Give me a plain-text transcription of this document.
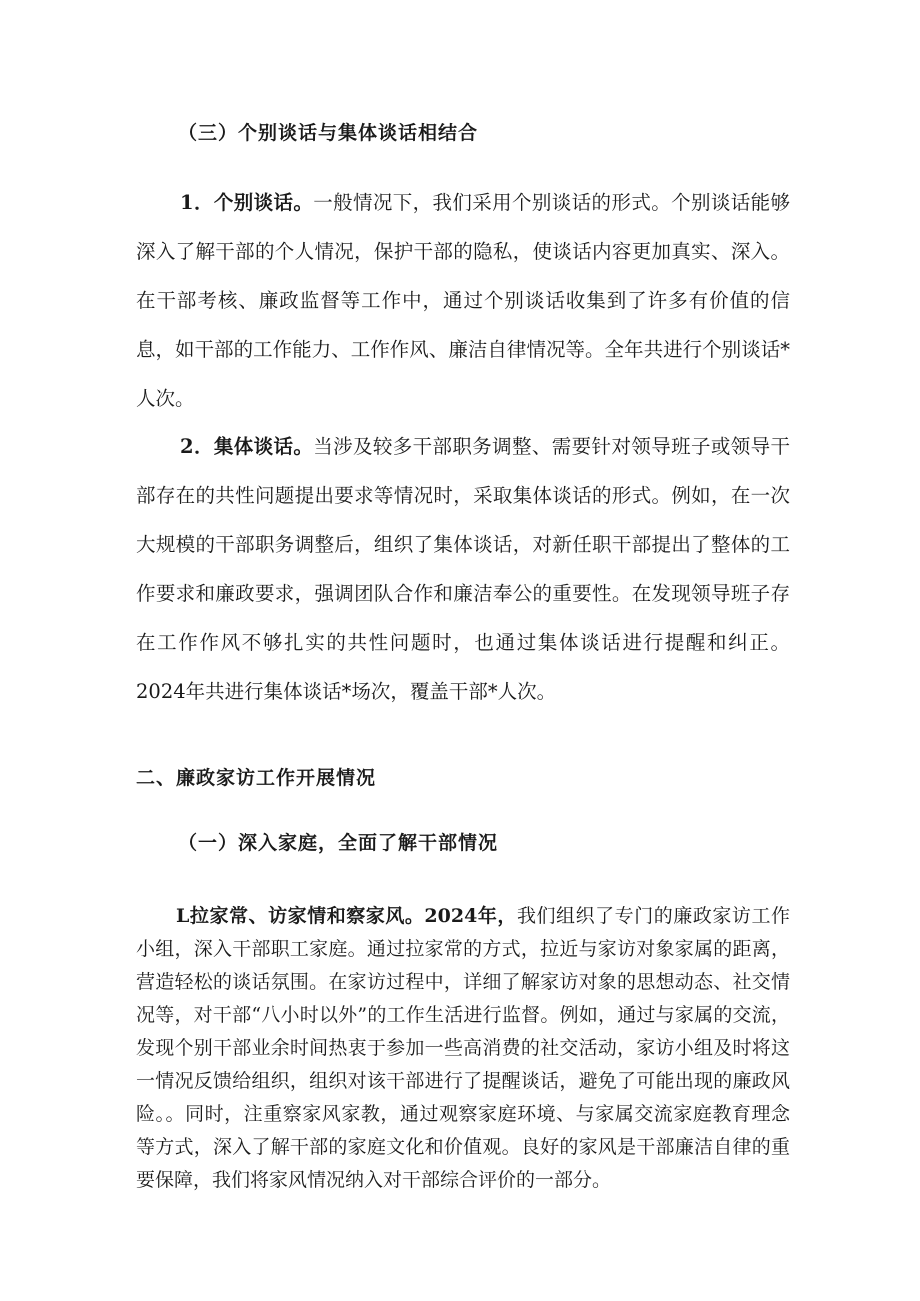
（三）个别谈话与集体谈话相结合

1．个别谈话。一般情况下，我们采用个别谈话的形式。个别谈话能够深入了解干部的个人情况，保护干部的隐私，使谈话内容更加真实、深入。在干部考核、廉政监督等工作中，通过个别谈话收集到了许多有价值的信息，如干部的工作能力、工作作风、廉洁自律情况等。全年共进行个别谈话*人次。

2．集体谈话。当涉及较多干部职务调整、需要针对领导班子或领导干部存在的共性问题提出要求等情况时，采取集体谈话的形式。例如，在一次大规模的干部职务调整后，组织了集体谈话，对新任职干部提出了整体的工作要求和廉政要求，强调团队合作和廉洁奉公的重要性。在发现领导班子存在工作作风不够扎实的共性问题时，也通过集体谈话进行提醒和纠正。2024年共进行集体谈话*场次，覆盖干部*人次。

二、廉政家访工作开展情况
（一）深入家庭，全面了解干部情况

L拉家常、访家情和察家风。2024年，我们组织了专门的廉政家访工作小组，深入干部职工家庭。通过拉家常的方式，拉近与家访对象家属的距离，营造轻松的谈话氛围。在家访过程中，详细了解家访对象的思想动态、社交情况等，对干部“八小时以外”的工作生活进行监督。例如，通过与家属的交流，发现个别干部业余时间热衷于参加一些高消费的社交活动，家访小组及时将这一情况反馈给组织，组织对该干部进行了提醒谈话，避免了可能出现的廉政风险。。同时，注重察家风家教，通过观察家庭环境、与家属交流家庭教育理念等方式，深入了解干部的家庭文化和价值观。良好的家风是干部廉洁自律的重要保障，我们将家风情况纳入对干部综合评价的一部分。
